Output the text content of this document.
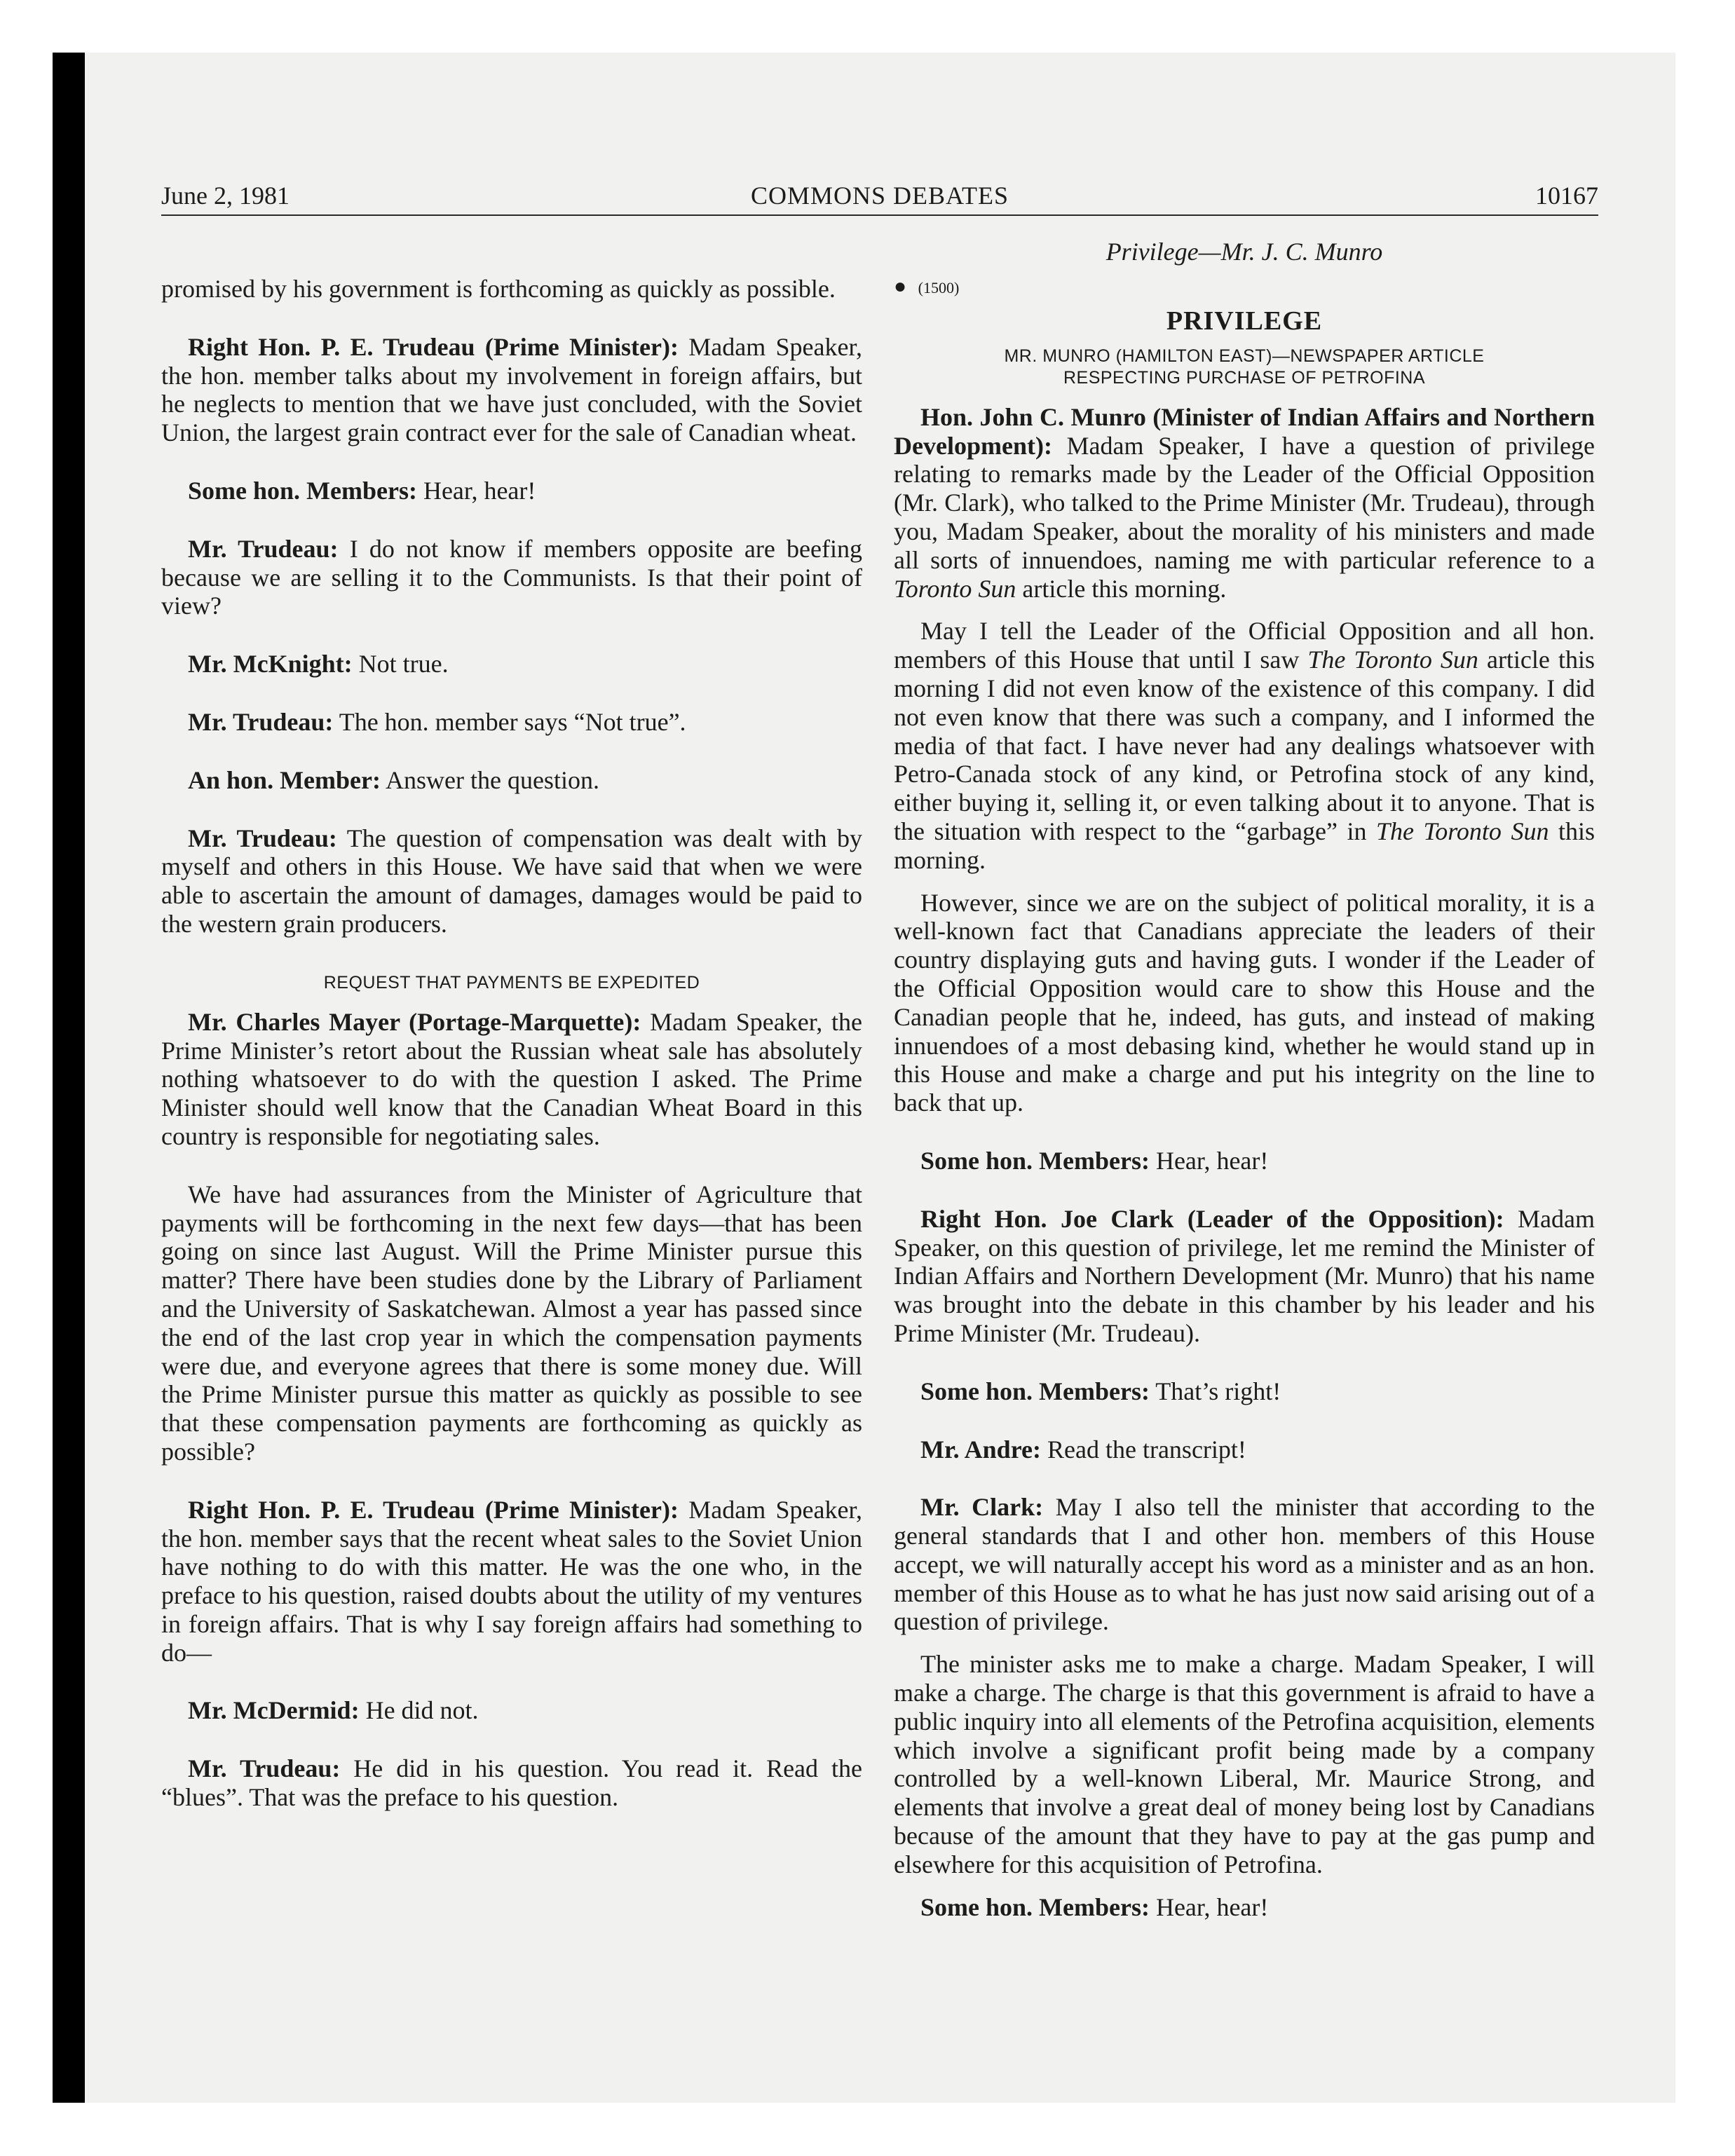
June 2, 1981	COMMONS DEBATES	10167
Privilege—Mr. J. C. Munro

promised by his government is forthcoming as quickly as possible.

Right Hon. P. E. Trudeau (Prime Minister): Madam Speaker, the hon. member talks about my involvement in foreign affairs, but he neglects to mention that we have just concluded, with the Soviet Union, the largest grain contract ever for the sale of Canadian wheat.

Some hon. Members: Hear, hear!

Mr. Trudeau: I do not know if members opposite are beefing because we are selling it to the Communists. Is that their point of view?

Mr. McKnight: Not true.

Mr. Trudeau: The hon. member says “Not true”.

An hon. Member: Answer the question.

Mr. Trudeau: The question of compensation was dealt with by myself and others in this House. We have said that when we were able to ascertain the amount of damages, damages would be paid to the western grain producers.

REQUEST THAT PAYMENTS BE EXPEDITED

Mr. Charles Mayer (Portage-Marquette): Madam Speaker, the Prime Minister’s retort about the Russian wheat sale has absolutely nothing whatsoever to do with the question I asked. The Prime Minister should well know that the Canadian Wheat Board in this country is responsible for negotiating sales.

We have had assurances from the Minister of Agriculture that payments will be forthcoming in the next few days—that has been going on since last August. Will the Prime Minister pursue this matter? There have been studies done by the Library of Parliament and the University of Saskatchewan. Almost a year has passed since the end of the last crop year in which the compensation payments were due, and everyone agrees that there is some money due. Will the Prime Minister pursue this matter as quickly as possible to see that these compensation payments are forthcoming as quickly as possible?

Right Hon. P. E. Trudeau (Prime Minister): Madam Speaker, the hon. member says that the recent wheat sales to the Soviet Union have nothing to do with this matter. He was the one who, in the preface to his question, raised doubts about the utility of my ventures in foreign affairs. That is why I say foreign affairs had something to do—

Mr. McDermid: He did not.

Mr. Trudeau: He did in his question. You read it. Read the “blues”. That was the preface to his question.

● (1500)
PRIVILEGE
MR. MUNRO (HAMILTON EAST)—NEWSPAPER ARTICLE
RESPECTING PURCHASE OF PETROFINA

Hon. John C. Munro (Minister of Indian Affairs and Northern Development): Madam Speaker, I have a question of privilege relating to remarks made by the Leader of the Official Opposition (Mr. Clark), who talked to the Prime Minister (Mr. Trudeau), through you, Madam Speaker, about the morality of his ministers and made all sorts of innuendoes, naming me with particular reference to a Toronto Sun article this morning.

May I tell the Leader of the Official Opposition and all hon. members of this House that until I saw The Toronto Sun article this morning I did not even know of the existence of this company. I did not even know that there was such a company, and I informed the media of that fact. I have never had any dealings whatsoever with Petro-Canada stock of any kind, or Petrofina stock of any kind, either buying it, selling it, or even talking about it to anyone. That is the situation with respect to the “garbage” in The Toronto Sun this morning.

However, since we are on the subject of political morality, it is a well-known fact that Canadians appreciate the leaders of their country displaying guts and having guts. I wonder if the Leader of the Official Opposition would care to show this House and the Canadian people that he, indeed, has guts, and instead of making innuendoes of a most debasing kind, whether he would stand up in this House and make a charge and put his integrity on the line to back that up.

Some hon. Members: Hear, hear!

Right Hon. Joe Clark (Leader of the Opposition): Madam Speaker, on this question of privilege, let me remind the Minister of Indian Affairs and Northern Development (Mr. Munro) that his name was brought into the debate in this chamber by his leader and his Prime Minister (Mr. Trudeau).

Some hon. Members: That’s right!

Mr. Andre: Read the transcript!

Mr. Clark: May I also tell the minister that according to the general standards that I and other hon. members of this House accept, we will naturally accept his word as a minister and as an hon. member of this House as to what he has just now said arising out of a question of privilege.

The minister asks me to make a charge. Madam Speaker, I will make a charge. The charge is that this government is afraid to have a public inquiry into all elements of the Petrofina acquisition, elements which involve a significant profit being made by a company controlled by a well-known Liberal, Mr. Maurice Strong, and elements that involve a great deal of money being lost by Canadians because of the amount that they have to pay at the gas pump and elsewhere for this acquisition of Petrofina.

Some hon. Members: Hear, hear!
